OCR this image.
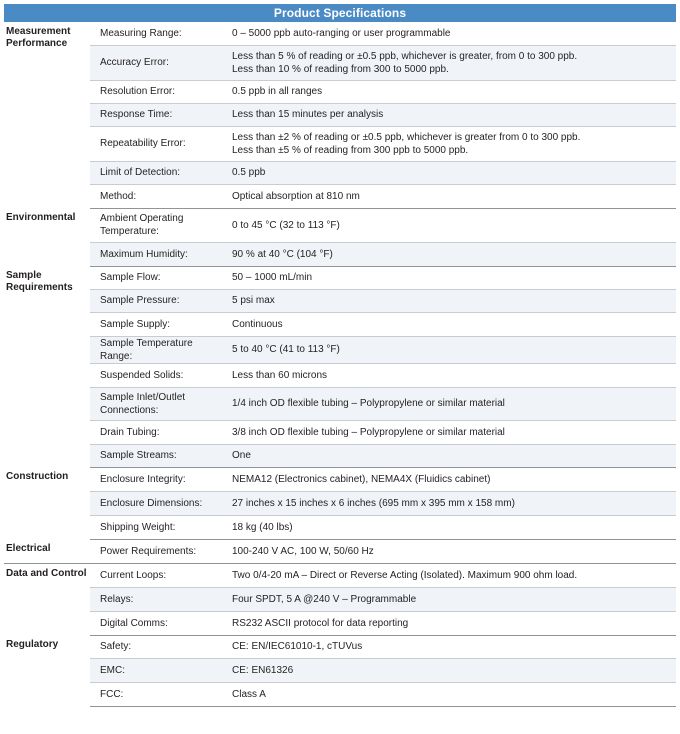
Product Specifications
Measurement Performance	Measuring Range:	0 – 5000 ppb auto-ranging or user programmable

	Accuracy Error:	Less than 5 % of reading or ±0.5 ppb, whichever is greater, from 0 to 300 ppb.
Less than 10 % of reading from 300 to 5000 ppb.

	Resolution Error:	0.5 ppb in all ranges

	Response Time:	Less than 15 minutes per analysis

	Repeatability Error:	Less than ±2 % of reading or ±0.5 ppb, whichever is greater from 0 to 300 ppb.
Less than ±5 % of reading from 300 ppb to 5000 ppb.

	Limit of Detection:	0.5 ppb

	Method:	Optical absorption at 810 nm

Environmental	Ambient Operating Temperature:	0 to 45 °C (32 to 113 °F)

	Maximum Humidity:	90 % at 40 °C (104 °F)

Sample Requirements	Sample Flow:	50 – 1000 mL/min

	Sample Pressure:	5 psi max

	Sample Supply:	Continuous

	Sample Temperature Range:	5 to 40 °C (41 to 113 °F)

	Suspended Solids:	Less than 60 microns

	Sample Inlet/Outlet Connections:	1/4 inch OD flexible tubing – Polypropylene or similar material

	Drain Tubing:	3/8 inch OD flexible tubing – Polypropylene or similar material

	Sample Streams:	One

Construction	Enclosure Integrity:	NEMA12 (Electronics cabinet), NEMA4X (Fluidics cabinet)

	Enclosure Dimensions:	27 inches x 15 inches x 6 inches (695 mm x 395 mm x 158 mm)

	Shipping Weight:	18 kg (40 lbs)

Electrical	Power Requirements:	100-240 V AC, 100 W, 50/60 Hz

Data and Control	Current Loops:	Two 0/4-20 mA – Direct or Reverse Acting (Isolated). Maximum 900 ohm load.

	Relays:	Four SPDT, 5 A @240 V – Programmable

	Digital Comms:	RS232 ASCII protocol for data reporting

Regulatory	Safety:	CE: EN/IEC61010-1, cTUVus

	EMC:	CE: EN61326

	FCC:	Class A
